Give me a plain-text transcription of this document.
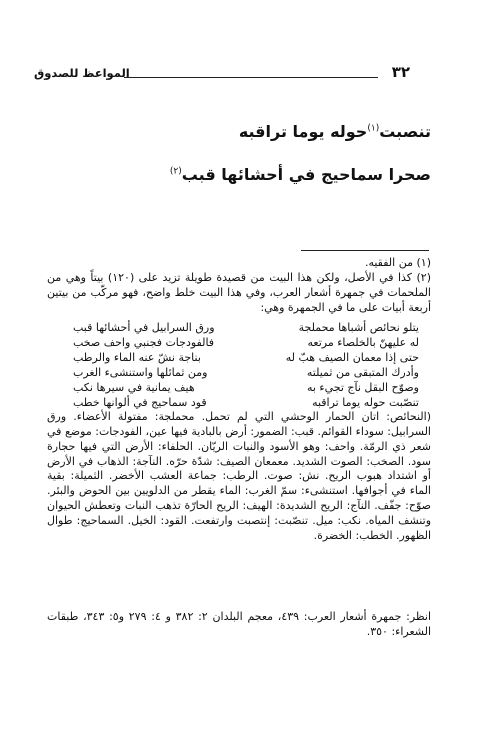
٣٢
المواعظ للصدوق
تنصبت$^{(١)}$حوله يوما تراقبه
صحرا سماحيج في أحشائها قبب$^{(٢)}$

(١) من الفقيه.

(٢) كذا في الأصل، ولكن هذا البيت من قصيدة طويلة تزيد على (١٢٠) بيتاً وهي من الملحمات في جمهرة أشعار العرب، وفي هذا البيت خلط واضح، فهو مركّب من بيتين أربعة أبيات على ما في الجمهرة وهي:

يتلو نحائص أشباها محملجة
ورق السرابيل في أحشائها قبب
له عليهنّ بالخلصاء مرتعه
فالفودجات فجنبي واحف صخب
حتى إذا معمان الصيف هبّ له
بناجة نشّ عنه الماء والرطب
وأدرك المتبقى من ثميلته
ومن ثمائلها واستنشىء الغرب
وصوّح البقل نآج تجيء به
هيف يمانية في سيرها نكب
تنصّبت حوله يوما تراقبه
قود سماحيج في ألوانها خطب

(النحائص: اتان الحمار الوحشي التي لم تحمل. محملجة: مفتولة الأعضاء. ورق السرابيل: سوداء القوائم. قبب: الضمور: أرض بالبادية فيها عين، الفودجات: موضع في شعر ذي الرمّة. واحف: وهو الأسود والنبات الريّان. الحلفاء: الأرض التي فيها حجارة سود. الصخب: الصوت الشديد. معمعان الصيف: شدّة حرّه. النآجة: الذهاب في الأرض أو اشتداد هبوب الريح. نش: صوت. الرطب: جماعة العشب الأخضر. الثميلة: بقية الماء في أجوافها. استنشىء: سمّ الغرب: الماء يقطر من الدلويين بين الحوض والبئر. صوّح: جفّف. النآج: الريح الشديدة: الهيف: الريح الحارّة تذهب النبات وتعطش الحيوان وتنشف المياه. نكب: ميل. تنصّبت: إنتصبت وارتفعت. القود: الخيل. السماحيج: طوال الظهور. الخطب: الخضرة.

انظر: جمهرة أشعار العرب: ٤٣٩، معجم البلدان ٢: ٣٨٢ و ٤: ٢٧٩ و٥: ٣٤٣، طبقات الشعراء: ٣٥٠.
